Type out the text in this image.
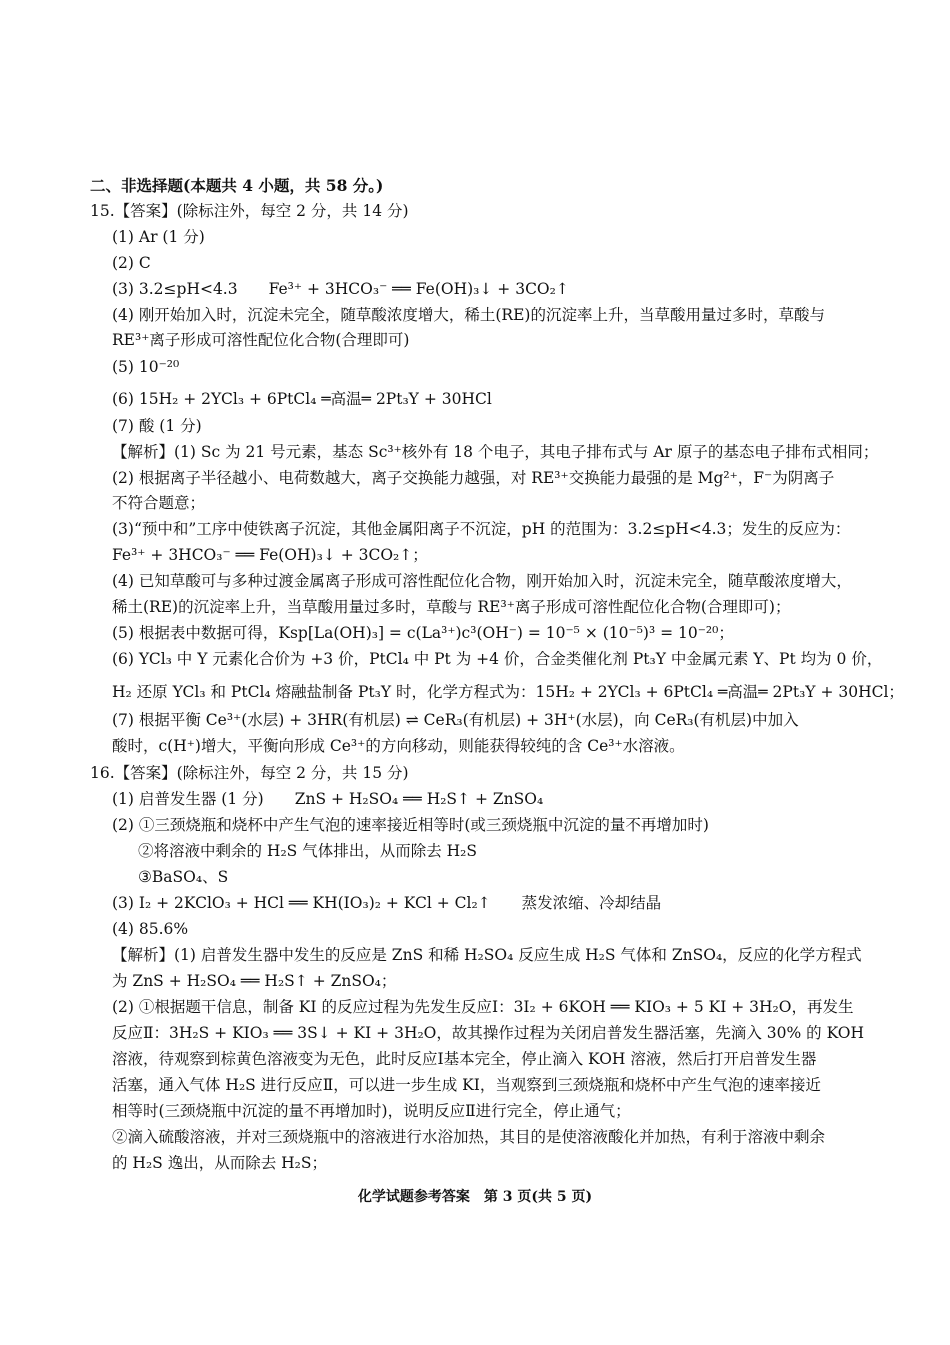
二、非选择题(本题共 4 小题，共 58 分。)
15.【答案】(除标注外，每空 2 分，共 14 分)
(1) Ar (1 分)
(2) C
(3) 3.2≤pH<4.3　　Fe³⁺ + 3HCO₃⁻ ══ Fe(OH)₃↓ + 3CO₂↑
(4) 刚开始加入时，沉淀未完全，随草酸浓度增大，稀土(RE)的沉淀率上升，当草酸用量过多时，草酸与
RE³⁺离子形成可溶性配位化合物(合理即可)
(5) 10⁻²⁰
(6) 15H₂ + 2YCl₃ + 6PtCl₄ ═高温═ 2Pt₃Y + 30HCl
(7) 酸 (1 分)
【解析】(1) Sc 为 21 号元素，基态 Sc³⁺核外有 18 个电子，其电子排布式与 Ar 原子的基态电子排布式相同；
(2) 根据离子半径越小、电荷数越大，离子交换能力越强，对 RE³⁺交换能力最强的是 Mg²⁺，F⁻为阴离子
不符合题意；
(3)“预中和”工序中使铁离子沉淀，其他金属阳离子不沉淀，pH 的范围为：3.2≤pH<4.3；发生的反应为：
Fe³⁺ + 3HCO₃⁻ ══ Fe(OH)₃↓ + 3CO₂↑；
(4) 已知草酸可与多种过渡金属离子形成可溶性配位化合物，刚开始加入时，沉淀未完全，随草酸浓度增大，
稀土(RE)的沉淀率上升，当草酸用量过多时，草酸与 RE³⁺离子形成可溶性配位化合物(合理即可)；
(5) 根据表中数据可得，Ksp[La(OH)₃] = c(La³⁺)c³(OH⁻) = 10⁻⁵ × (10⁻⁵)³ = 10⁻²⁰；
(6) YCl₃ 中 Y 元素化合价为 +3 价，PtCl₄ 中 Pt 为 +4 价，合金类催化剂 Pt₃Y 中金属元素 Y、Pt 均为 0 价，
H₂ 还原 YCl₃ 和 PtCl₄ 熔融盐制备 Pt₃Y 时，化学方程式为：15H₂ + 2YCl₃ + 6PtCl₄ ═高温═ 2Pt₃Y + 30HCl；
(7) 根据平衡 Ce³⁺(水层) + 3HR(有机层) ⇌ CeR₃(有机层) + 3H⁺(水层)，向 CeR₃(有机层)中加入
酸时，c(H⁺)增大，平衡向形成 Ce³⁺的方向移动，则能获得较纯的含 Ce³⁺水溶液。
16.【答案】(除标注外，每空 2 分，共 15 分)
(1) 启普发生器 (1 分)　　ZnS + H₂SO₄ ══ H₂S↑ + ZnSO₄
(2) ①三颈烧瓶和烧杯中产生气泡的速率接近相等时(或三颈烧瓶中沉淀的量不再增加时)
②将溶液中剩余的 H₂S 气体排出，从而除去 H₂S
③BaSO₄、S
(3) I₂ + 2KClO₃ + HCl ══ KH(IO₃)₂ + KCl + Cl₂↑　　蒸发浓缩、冷却结晶
(4) 85.6%
【解析】(1) 启普发生器中发生的反应是 ZnS 和稀 H₂SO₄ 反应生成 H₂S 气体和 ZnSO₄，反应的化学方程式
为 ZnS + H₂SO₄ ══ H₂S↑ + ZnSO₄；
(2) ①根据题干信息，制备 KI 的反应过程为先发生反应Ⅰ：3I₂ + 6KOH ══ KIO₃ + 5 KI + 3H₂O，再发生
反应Ⅱ：3H₂S + KIO₃ ══ 3S↓ + KI + 3H₂O，故其操作过程为关闭启普发生器活塞，先滴入 30% 的 KOH
溶液，待观察到棕黄色溶液变为无色，此时反应Ⅰ基本完全，停止滴入 KOH 溶液，然后打开启普发生器
活塞，通入气体 H₂S 进行反应Ⅱ，可以进一步生成 KI，当观察到三颈烧瓶和烧杯中产生气泡的速率接近
相等时(三颈烧瓶中沉淀的量不再增加时)，说明反应Ⅱ进行完全，停止通气；
②滴入硫酸溶液，并对三颈烧瓶中的溶液进行水浴加热，其目的是使溶液酸化并加热，有利于溶液中剩余
的 H₂S 逸出，从而除去 H₂S；
化学试题参考答案　第 3 页(共 5 页)
